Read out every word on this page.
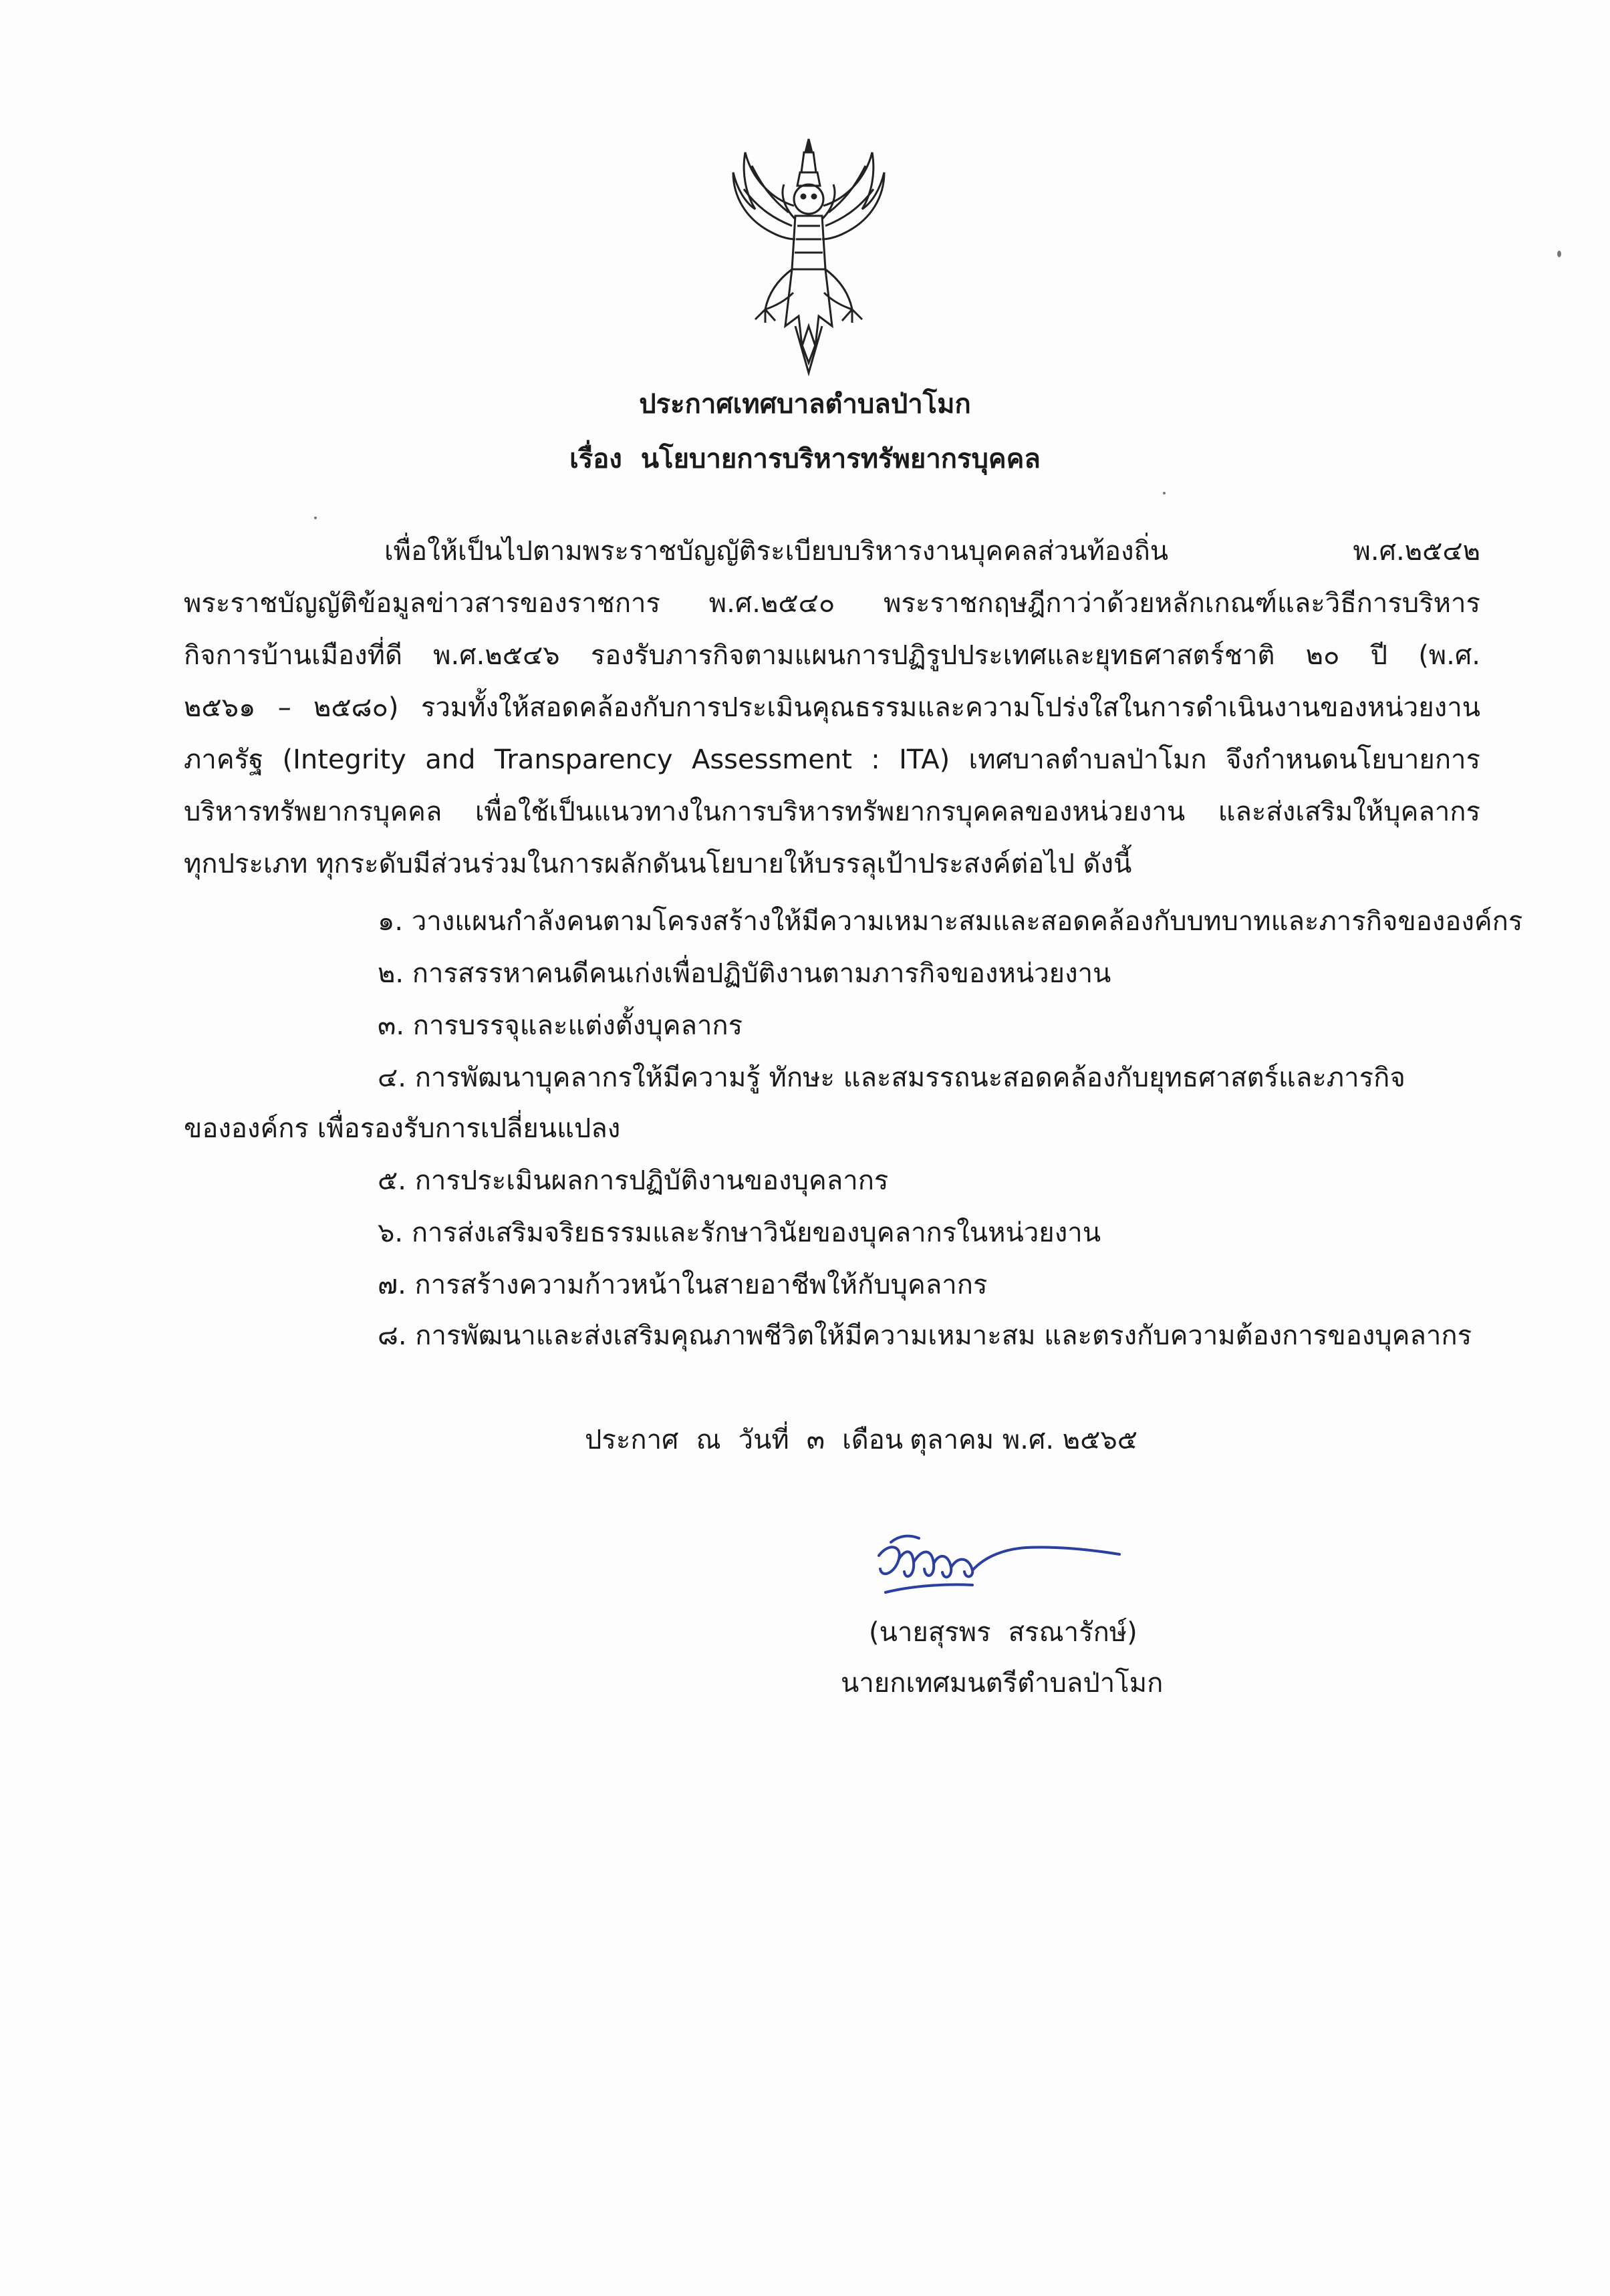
ประกาศเทศบาลตำบลป่าโมก
เรื่อง นโยบายการบริหารทรัพยากรบุคคล
เพื่อให้เป็นไปตามพระราชบัญญัติระเบียบบริหารงานบุคคลส่วนท้องถิ่น พ.ศ.๒๕๔๒
พระราชบัญญัติข้อมูลข่าวสารของราชการ พ.ศ.๒๕๔๐ พระราชกฤษฎีกาว่าด้วยหลักเกณฑ์และวิธีการบริหาร
กิจการบ้านเมืองที่ดี พ.ศ.๒๕๔๖ รองรับภารกิจตามแผนการปฏิรูปประเทศและยุทธศาสตร์ชาติ ๒๐ ปี (พ.ศ.
๒๕๖๑ – ๒๕๘๐) รวมทั้งให้สอดคล้องกับการประเมินคุณธรรมและความโปร่งใสในการดำเนินงานของหน่วยงาน
ภาครัฐ (Integrity and Transparency Assessment : ITA) เทศบาลตำบลป่าโมก จึงกำหนดนโยบายการ
บริหารทรัพยากรบุคคล เพื่อใช้เป็นแนวทางในการบริหารทรัพยากรบุคคลของหน่วยงาน และส่งเสริมให้บุคลากร
ทุกประเภท ทุกระดับมีส่วนร่วมในการผลักดันนโยบายให้บรรลุเป้าประสงค์ต่อไป ดังนี้
๑. วางแผนกำลังคนตามโครงสร้างให้มีความเหมาะสมและสอดคล้องกับบทบาทและภารกิจขององค์กร
๒. การสรรหาคนดีคนเก่งเพื่อปฏิบัติงานตามภารกิจของหน่วยงาน
๓. การบรรจุและแต่งตั้งบุคลากร
๔. การพัฒนาบุคลากรให้มีความรู้ ทักษะ และสมรรถนะสอดคล้องกับยุทธศาสตร์และภารกิจ
ขององค์กร เพื่อรองรับการเปลี่ยนแปลง
๕. การประเมินผลการปฏิบัติงานของบุคลากร
๖. การส่งเสริมจริยธรรมและรักษาวินัยของบุคลากรในหน่วยงาน
๗. การสร้างความก้าวหน้าในสายอาชีพให้กับบุคลากร
๘. การพัฒนาและส่งเสริมคุณภาพชีวิตให้มีความเหมาะสม และตรงกับความต้องการของบุคลากร
ประกาศ ณ วันที่ ๓ เดือน ตุลาคม พ.ศ. ๒๕๖๕
(นายสุรพร สรณารักษ์)
นายกเทศมนตรีตำบลป่าโมก
